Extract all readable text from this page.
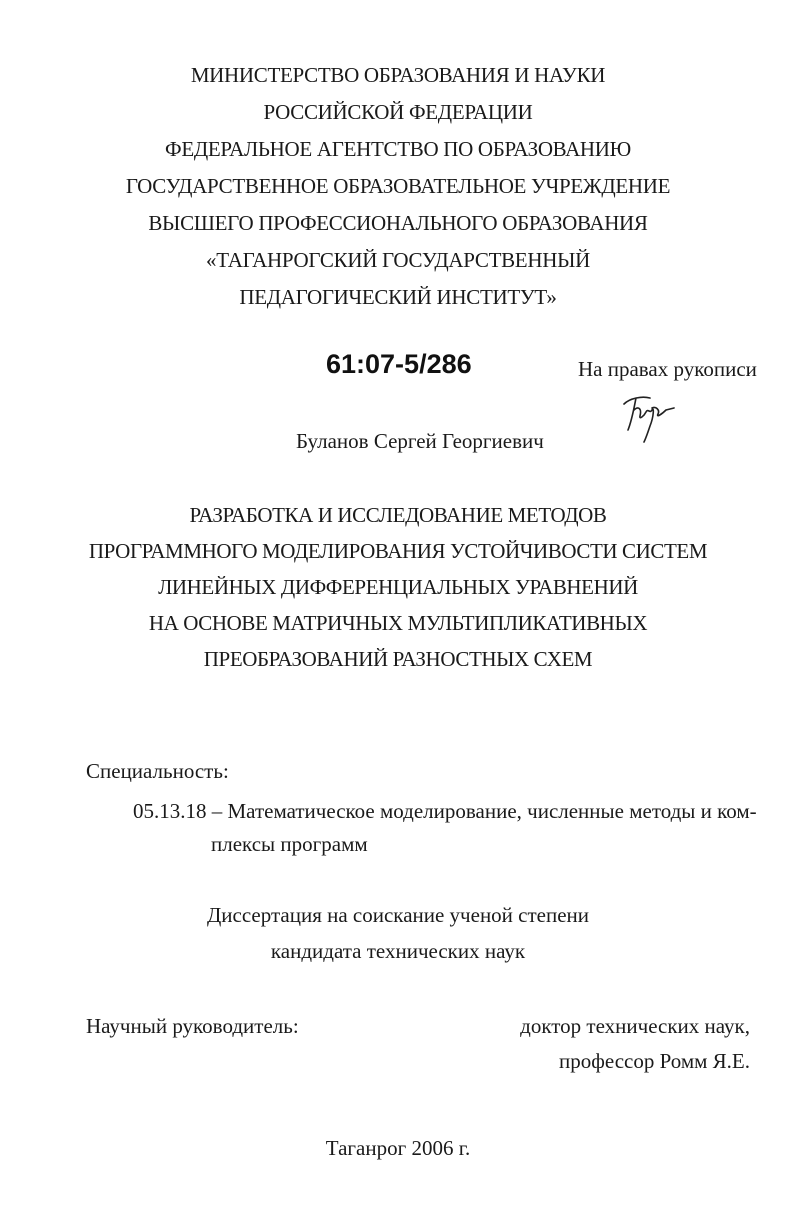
МИНИСТЕРСТВО ОБРАЗОВАНИЯ И НАУКИ
РОССИЙСКОЙ ФЕДЕРАЦИИ
ФЕДЕРАЛЬНОЕ АГЕНТСТВО ПО ОБРАЗОВАНИЮ
ГОСУДАРСТВЕННОЕ ОБРАЗОВАТЕЛЬНОЕ УЧРЕЖДЕНИЕ
ВЫСШЕГО ПРОФЕССИОНАЛЬНОГО ОБРАЗОВАНИЯ
«ТАГАНРОГСКИЙ ГОСУДАРСТВЕННЫЙ
ПЕДАГОГИЧЕСКИЙ ИНСТИТУТ»
61:07-5/286	На правах рукописи
Буланов Сергей Георгиевич
РАЗРАБОТКА И ИССЛЕДОВАНИЕ МЕТОДОВ
ПРОГРАММНОГО МОДЕЛИРОВАНИЯ УСТОЙЧИВОСТИ СИСТЕМ
ЛИНЕЙНЫХ ДИФФЕРЕНЦИАЛЬНЫХ УРАВНЕНИЙ
НА ОСНОВЕ МАТРИЧНЫХ МУЛЬТИПЛИКАТИВНЫХ
ПРЕОБРАЗОВАНИЙ РАЗНОСТНЫХ СХЕМ
Специальность:
05.13.18 – Математическое моделирование, численные методы и ком-
плексы программ
Диссертация на соискание ученой степени
кандидата технических наук
Научный руководитель:	доктор технических наук,
профессор Ромм Я.Е.
Таганрог 2006 г.
